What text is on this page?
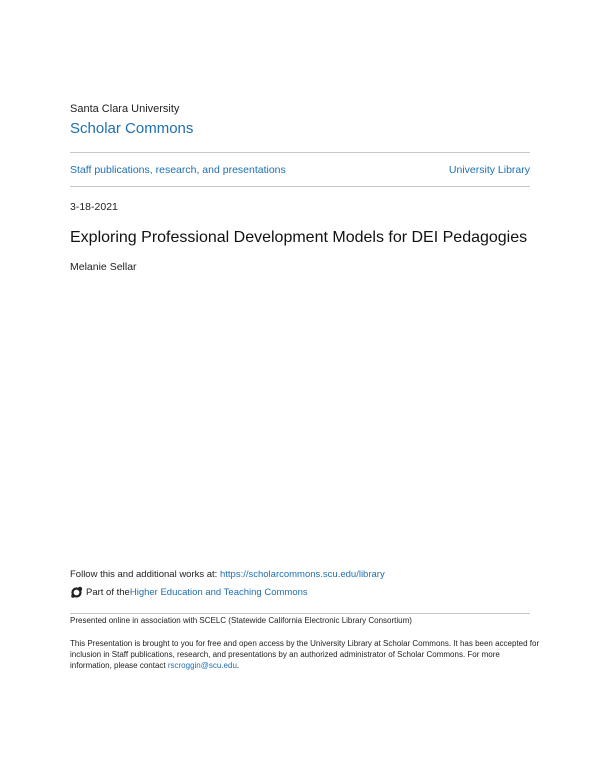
Santa Clara University
Scholar Commons
Staff publications, research, and presentations	University Library
3-18-2021
Exploring Professional Development Models for DEI Pedagogies
Melanie Sellar
Follow this and additional works at: https://scholarcommons.scu.edu/library
Part of the Higher Education and Teaching Commons
Presented online in association with SCELC (Statewide California Electronic Library Consortium)
This Presentation is brought to you for free and open access by the University Library at Scholar Commons. It has been accepted for inclusion in Staff publications, research, and presentations by an authorized administrator of Scholar Commons. For more information, please contact rscroggin@scu.edu.
